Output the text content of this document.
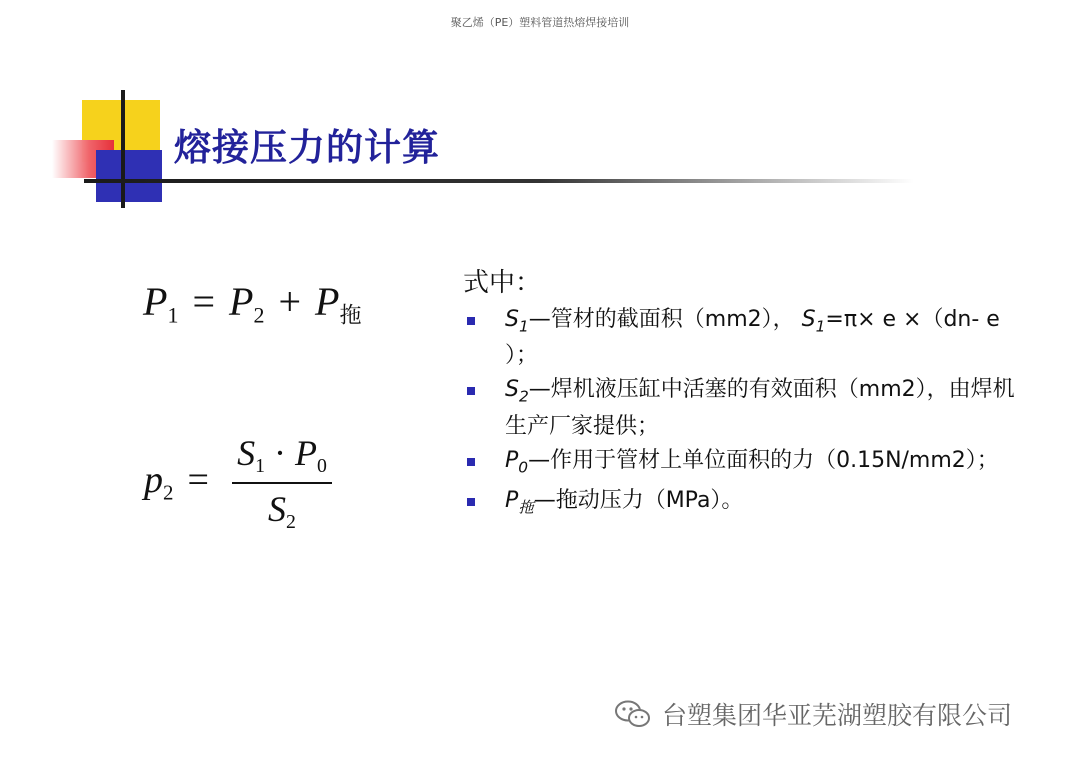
聚乙烯（PE）塑料管道热熔焊接培训
熔接压力的计算
$P_1 = P_2 + P_拖$
$p_2$ =
$S_1 \cdot P_0$
$S_2$
式中：
$S_1—$管材的截面积（mm2）， $S_1=\pi\times e \times(dn-$ e ）；
$S_2—$焊机液压缸中活塞的有效面积（mm2），由焊机生产厂家提供；
$P_0—$作用于管材上单位面积的力（0.15N/mm2）；
$P_拖—$拖动压力（MPa）。
台塑集团华亚芜湖塑胶有限公司
